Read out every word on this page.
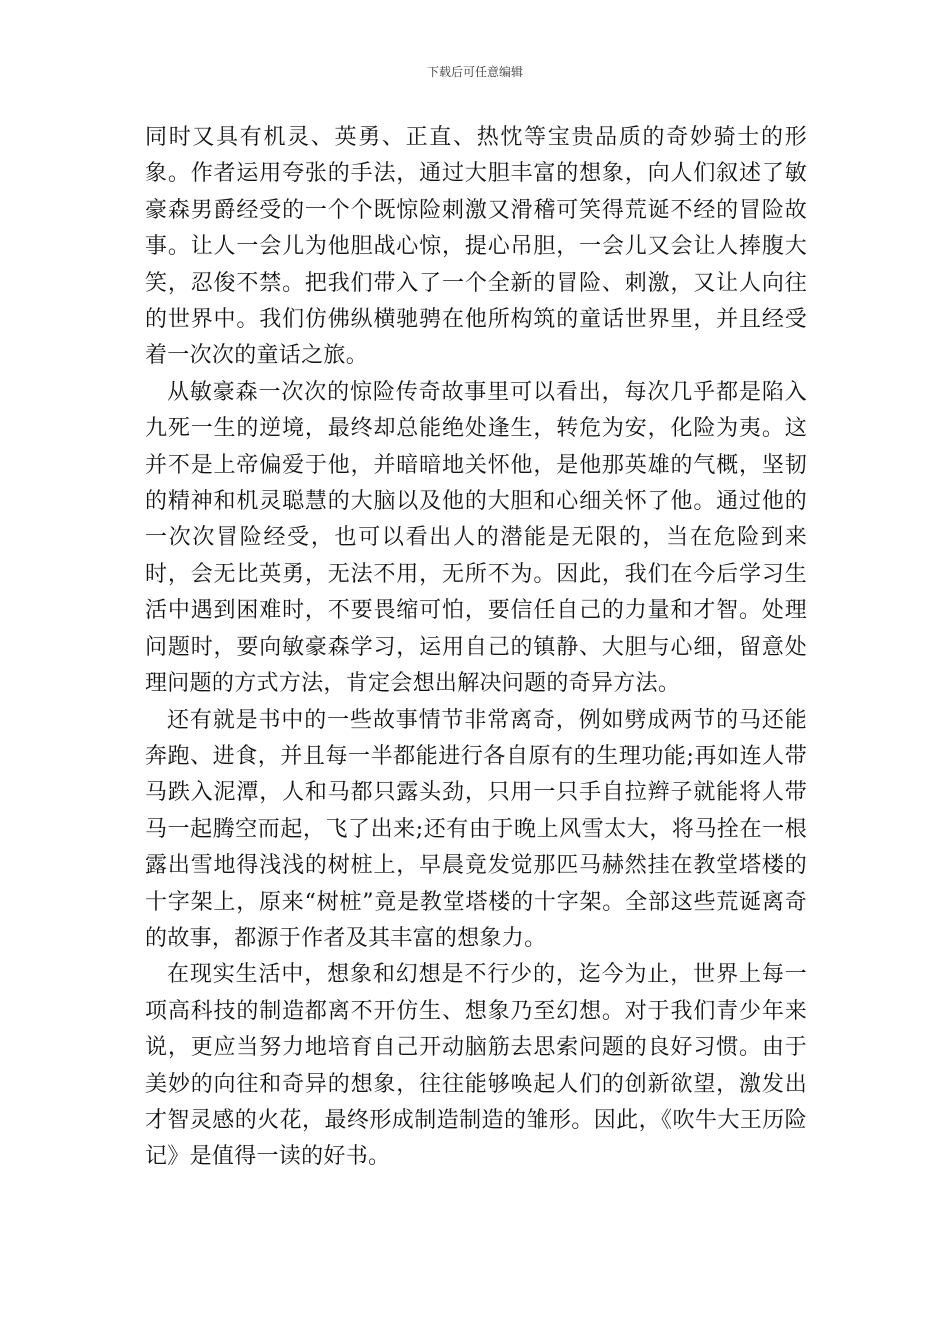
下载后可任意编辑

同时又具有机灵、英勇、正直、热忱等宝贵品质的奇妙骑士的形象。作者运用夸张的手法，通过大胆丰富的想象，向人们叙述了敏豪森男爵经受的一个个既惊险刺激又滑稽可笑得荒诞不经的冒险故事。让人一会儿为他胆战心惊，提心吊胆，一会儿又会让人捧腹大笑，忍俊不禁。把我们带入了一个全新的冒险、刺激，又让人向往的世界中。我们仿佛纵横驰骋在他所构筑的童话世界里，并且经受着一次次的童话之旅。

从敏豪森一次次的惊险传奇故事里可以看出，每次几乎都是陷入九死一生的逆境，最终却总能绝处逢生，转危为安，化险为夷。这并不是上帝偏爱于他，并暗暗地关怀他，是他那英雄的气概，坚韧的精神和机灵聪慧的大脑以及他的大胆和心细关怀了他。通过他的一次次冒险经受，也可以看出人的潜能是无限的，当在危险到来时，会无比英勇，无法不用，无所不为。因此，我们在今后学习生活中遇到困难时，不要畏缩可怕，要信任自己的力量和才智。处理问题时，要向敏豪森学习，运用自己的镇静、大胆与心细，留意处理问题的方式方法，肯定会想出解决问题的奇异方法。

还有就是书中的一些故事情节非常离奇，例如劈成两节的马还能奔跑、进食，并且每一半都能进行各自原有的生理功能;再如连人带马跌入泥潭，人和马都只露头劲，只用一只手自拉辫子就能将人带马一起腾空而起，飞了出来;还有由于晚上风雪太大，将马拴在一根露出雪地得浅浅的树桩上，早晨竟发觉那匹马赫然挂在教堂塔楼的十字架上，原来“树桩”竟是教堂塔楼的十字架。全部这些荒诞离奇的故事，都源于作者及其丰富的想象力。

在现实生活中，想象和幻想是不行少的，迄今为止，世界上每一项高科技的制造都离不开仿生、想象乃至幻想。对于我们青少年来说，更应当努力地培育自己开动脑筋去思索问题的良好习惯。由于美妙的向往和奇异的想象，往往能够唤起人们的创新欲望，激发出才智灵感的火花，最终形成制造制造的雏形。因此，《吹牛大王历险记》是值得一读的好书。
